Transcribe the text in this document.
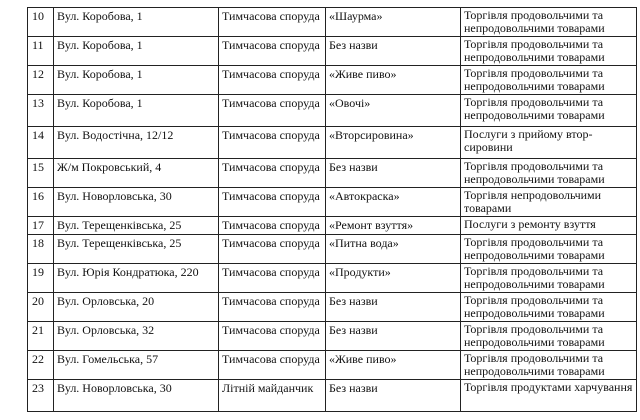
10	Вул. Коробова, 1	Тимчасова споруда	«Шаурма»	Торгівля продовольчими та непродовольчими товарами
11	Вул. Коробова, 1	Тимчасова споруда	Без назви	Торгівля продовольчими та непродовольчими товарами
12	Вул. Коробова, 1	Тимчасова споруда	«Живе пиво»	Торгівля продовольчими та непродовольчими товарами
13	Вул. Коробова, 1	Тимчасова споруда	«Овочі»	Торгівля продовольчими та непродовольчими товарами
14	Вул. Водостічна, 12/12	Тимчасова споруда	«Вторсировина»	Послуги з прийому втор-сировини
15	Ж/м Покровський, 4	Тимчасова споруда	Без назви	Торгівля продовольчими та непродовольчими товарами
16	Вул. Новорловська, 30	Тимчасова споруда	«Автокраска»	Торгівля непродовольчими товарами
17	Вул. Терещенківська, 25	Тимчасова споруда	«Ремонт взуття»	Послуги з ремонту взуття
18	Вул. Терещенківська, 25	Тимчасова споруда	«Питна вода»	Торгівля продовольчими та непродовольчими товарами
19	Вул. Юрія Кондратюка, 220	Тимчасова споруда	«Продукти»	Торгівля продовольчими та непродовольчими товарами
20	Вул. Орловська, 20	Тимчасова споруда	Без назви	Торгівля продовольчими та непродовольчими товарами
21	Вул. Орловська, 32	Тимчасова споруда	Без назви	Торгівля продовольчими та непродовольчими товарами
22	Вул. Гомельська, 57	Тимчасова споруда	«Живе пиво»	Торгівля продовольчими та непродовольчими товарами
23	Вул. Новорловська, 30	Літній майданчик	Без назви	Торгівля продуктами харчування
